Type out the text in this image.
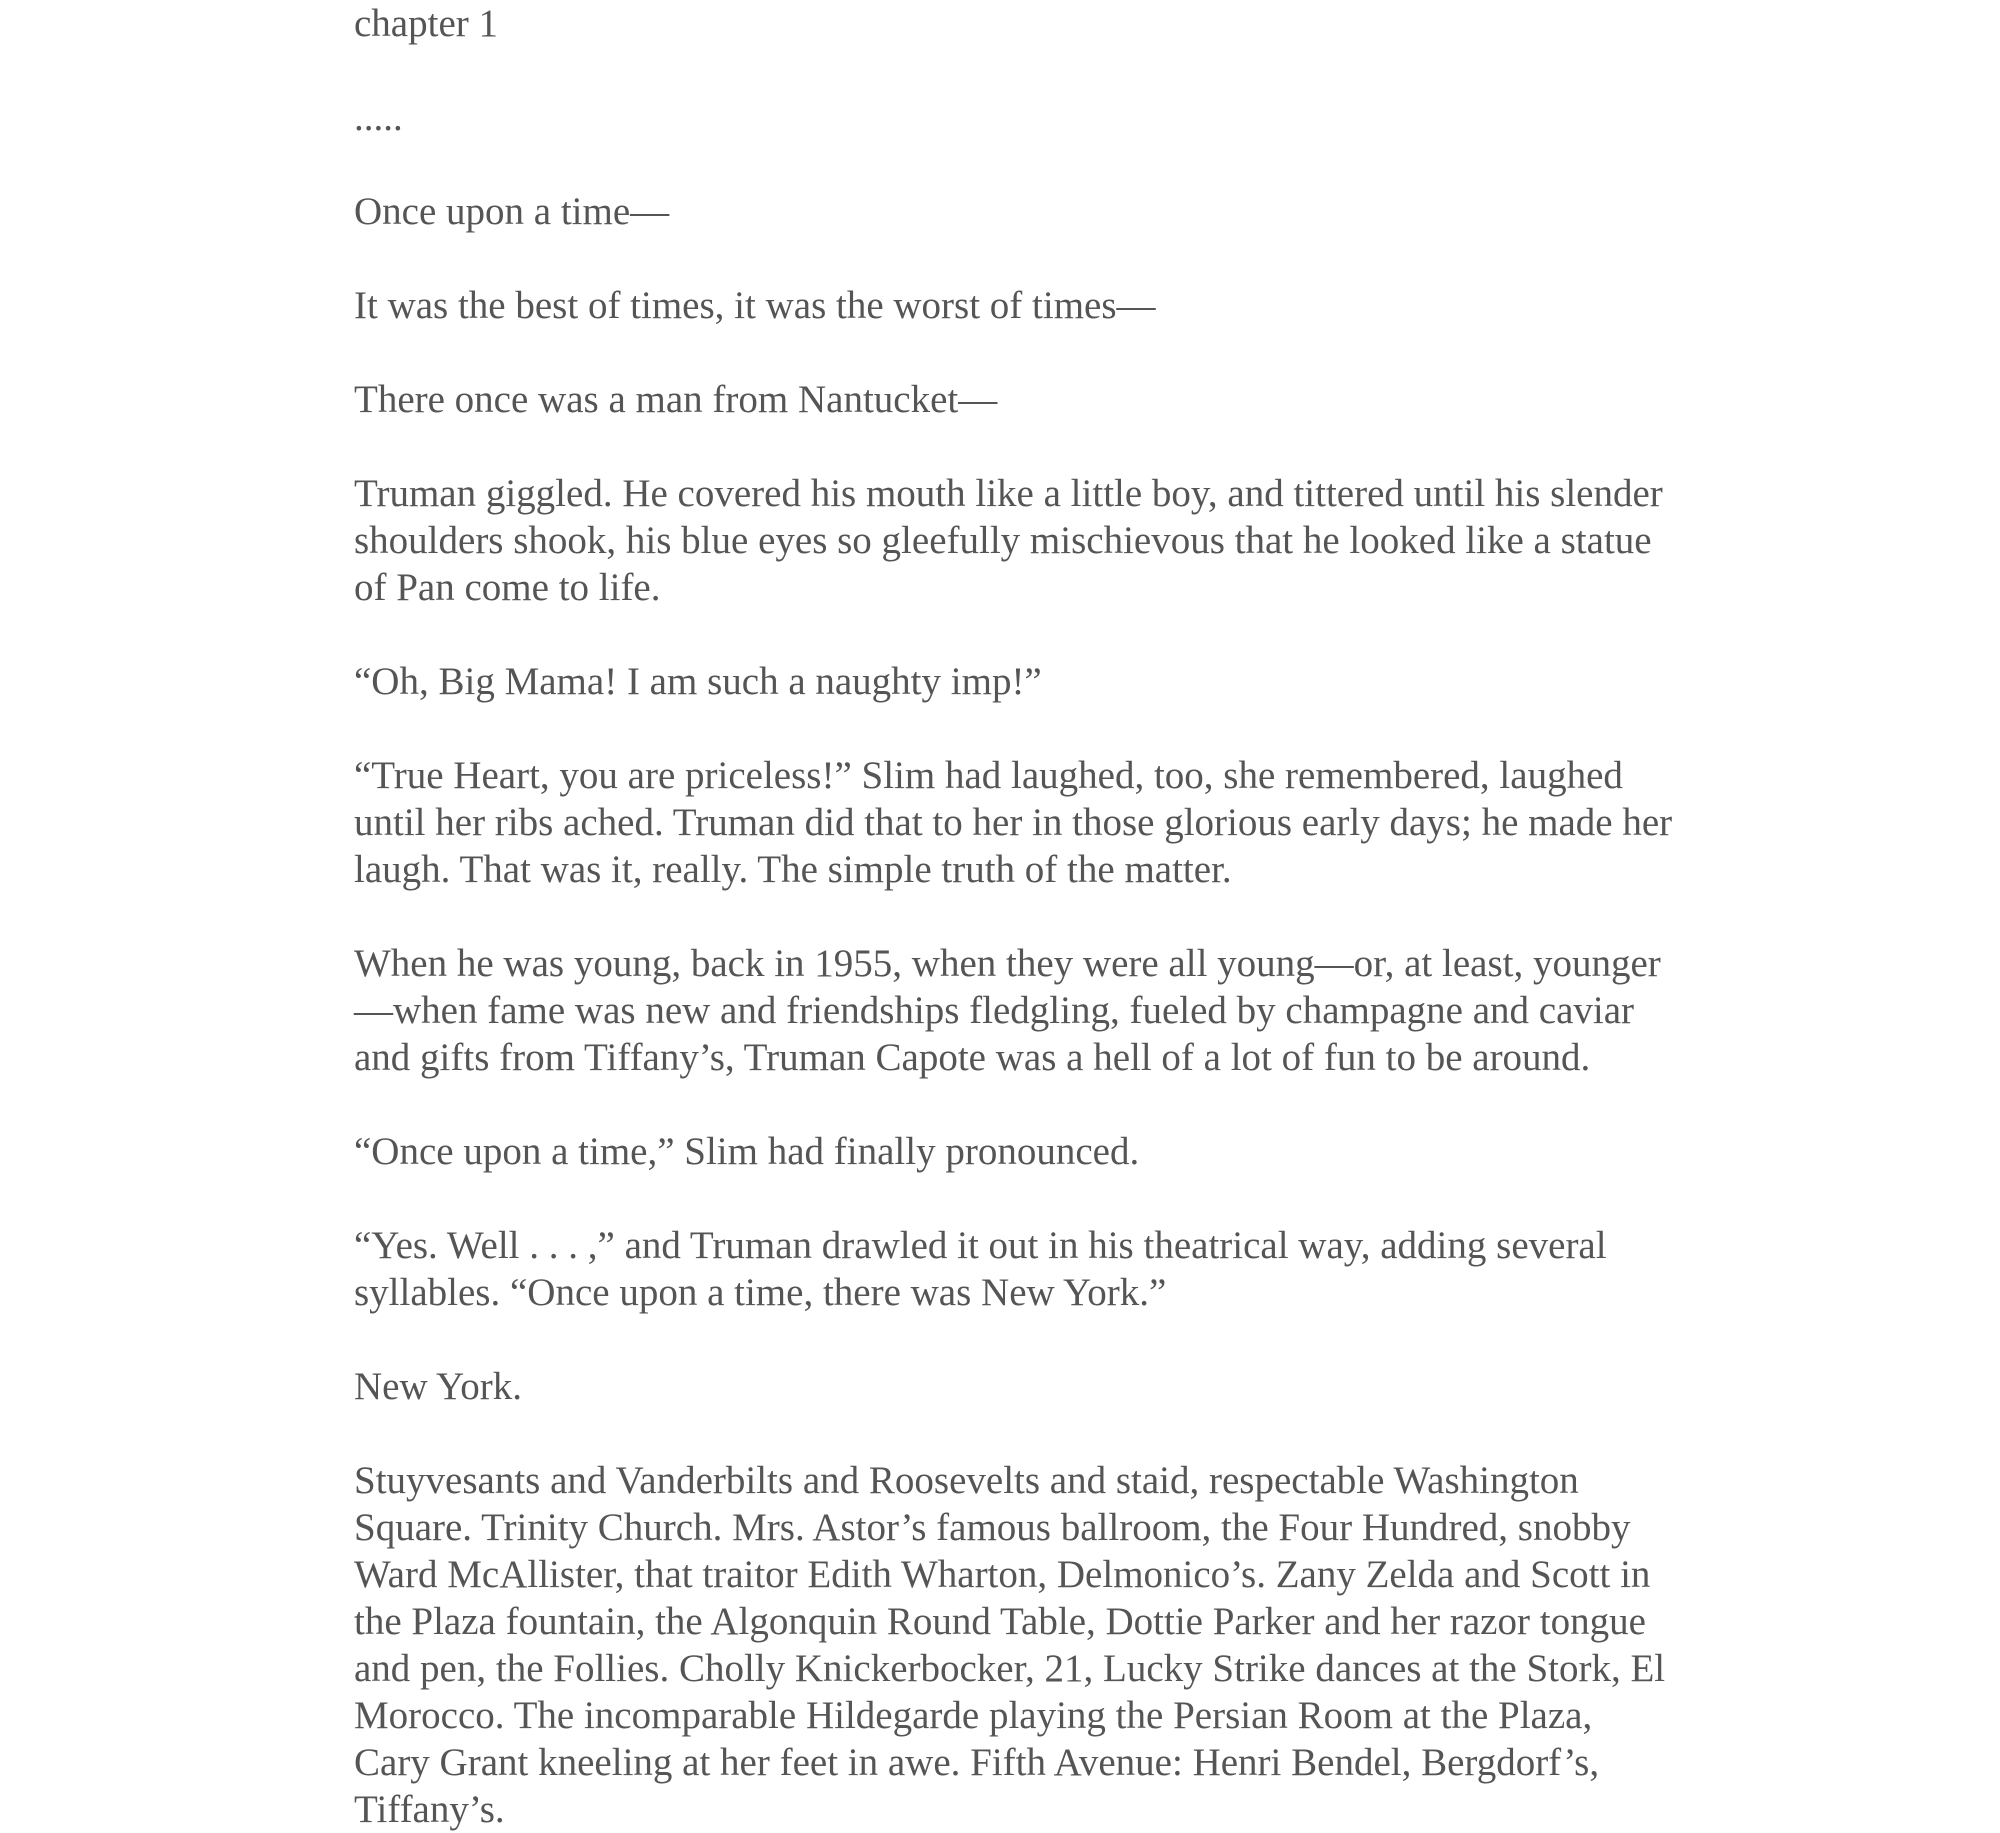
chapter 1

.....

Once upon a time—

It was the best of times, it was the worst of times—

There once was a man from Nantucket—

Truman giggled. He covered his mouth like a little boy, and tittered until his slender shoulders shook, his blue eyes so gleefully mischievous that he looked like a statue of Pan come to life.

“Oh, Big Mama! I am such a naughty imp!”

“True Heart, you are priceless!” Slim had laughed, too, she remembered, laughed until her ribs ached. Truman did that to her in those glorious early days; he made her laugh. That was it, really. The simple truth of the matter.

When he was young, back in 1955, when they were all young—or, at least, younger—when fame was new and friendships fledgling, fueled by champagne and caviar and gifts from Tiffany’s, Truman Capote was a hell of a lot of fun to be around.

“Once upon a time,” Slim had finally pronounced.

“Yes. Well . . . ,” and Truman drawled it out in his theatrical way, adding several syllables. “Once upon a time, there was New York.”

New York.

Stuyvesants and Vanderbilts and Roosevelts and staid, respectable Washington Square. Trinity Church. Mrs. Astor’s famous ballroom, the Four Hundred, snobby Ward McAllister, that traitor Edith Wharton, Delmonico’s. Zany Zelda and Scott in the Plaza fountain, the Algonquin Round Table, Dottie Parker and her razor tongue and pen, the Follies. Cholly Knickerbocker, 21, Lucky Strike dances at the Stork, El Morocco. The incomparable Hildegarde playing the Persian Room at the Plaza, Cary Grant kneeling at her feet in awe. Fifth Avenue: Henri Bendel, Bergdorf’s, Tiffany’s.
